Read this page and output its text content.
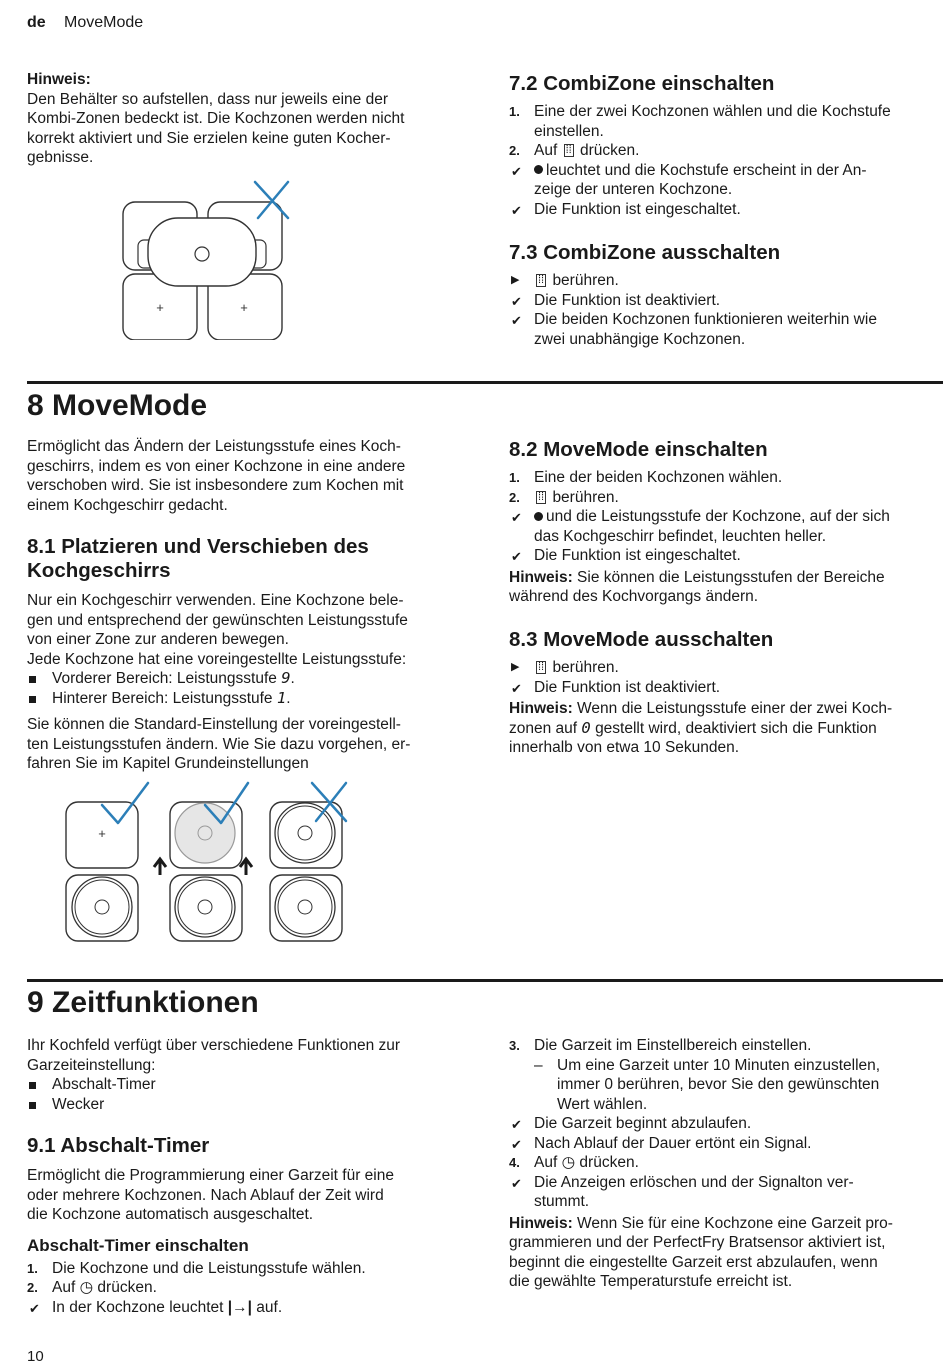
de MoveMode

Hinweis:

Den Behälter so aufstellen, dass nur jeweils eine der

Kombi-Zonen bedeckt ist. Die Kochzonen werden nicht

korrekt aktiviert und Sie erzielen keine guten Kocher-

gebnisse.

+	+
7.2 CombiZone einschalten
1. Eine der zwei Kochzonen wählen und die Kochstufe
einstellen.
2. Auf ⁞⁞ drücken.
✔ leuchtet und die Kochstufe erscheint in der An-
zeige der unteren Kochzone.
✔ Die Funktion ist eingeschaltet.
7.3 CombiZone ausschalten
▶ ⁞⁞ berühren.
✔ Die Funktion ist deaktiviert.
✔ Die beiden Kochzonen funktionieren weiterhin wie
zwei unabhängige Kochzonen.
8 MoveMode

Ermöglicht das Ändern der Leistungsstufe eines Koch-

geschirrs, indem es von einer Kochzone in eine andere

verschoben wird. Sie ist insbesondere zum Kochen mit

einem Kochgeschirr gedacht.

8.1 Platzieren und Verschieben des
Kochgeschirrs

Nur ein Kochgeschirr verwenden. Eine Kochzone bele-

gen und entsprechend der gewünschten Leistungsstufe

von einer Zone zur anderen bewegen.

Jede Kochzone hat eine voreingestellte Leistungsstufe:

Vorderer Bereich: Leistungsstufe 9.
Hinterer Bereich: Leistungsstufe 1.

Sie können die Standard-Einstellung der voreingestell-

ten Leistungsstufen ändern. Wie Sie dazu vorgehen, er-

fahren Sie im Kapitel Grundeinstellungen

+
8.2 MoveMode einschalten
1. Eine der beiden Kochzonen wählen.
2.	⁞⁞ berühren.
✔ und die Leistungsstufe der Kochzone, auf der sich
das Kochgeschirr befindet, leuchten heller.
✔ Die Funktion ist eingeschaltet.

Hinweis: Sie können die Leistungsstufen der Bereiche

während des Kochvorgangs ändern.

8.3 MoveMode ausschalten
▶ ⁞⁞ berühren.
✔ Die Funktion ist deaktiviert.

Hinweis: Wenn die Leistungsstufe einer der zwei Koch-

zonen auf 0 gestellt wird, deaktiviert sich die Funktion

innerhalb von etwa 10 Sekunden.

9 Zeitfunktionen

Ihr Kochfeld verfügt über verschiedene Funktionen zur

Garzeiteinstellung:

Abschalt-Timer
Wecker
9.1 Abschalt-Timer

Ermöglicht die Programmierung einer Garzeit für eine

oder mehrere Kochzonen. Nach Ablauf der Zeit wird

die Kochzone automatisch ausgeschaltet.

Abschalt-Timer einschalten
1. Die Kochzone und die Leistungsstufe wählen.
2. Auf ◷ drücken.
✔ In der Kochzone leuchtet |→| auf.
3. Die Garzeit im Einstellbereich einstellen.
– Um eine Garzeit unter 10 Minuten einzustellen,
immer 0 berühren, bevor Sie den gewünschten
Wert wählen.
✔ Die Garzeit beginnt abzulaufen.
✔ Nach Ablauf der Dauer ertönt ein Signal.
4. Auf ◷ drücken.
✔ Die Anzeigen erlöschen und der Signalton ver-
stummt.

Hinweis: Wenn Sie für eine Kochzone eine Garzeit pro-

grammieren und der PerfectFry Bratsensor aktiviert ist,

beginnt die eingestellte Garzeit erst abzulaufen, wenn

die gewählte Temperaturstufe erreicht ist.

10
